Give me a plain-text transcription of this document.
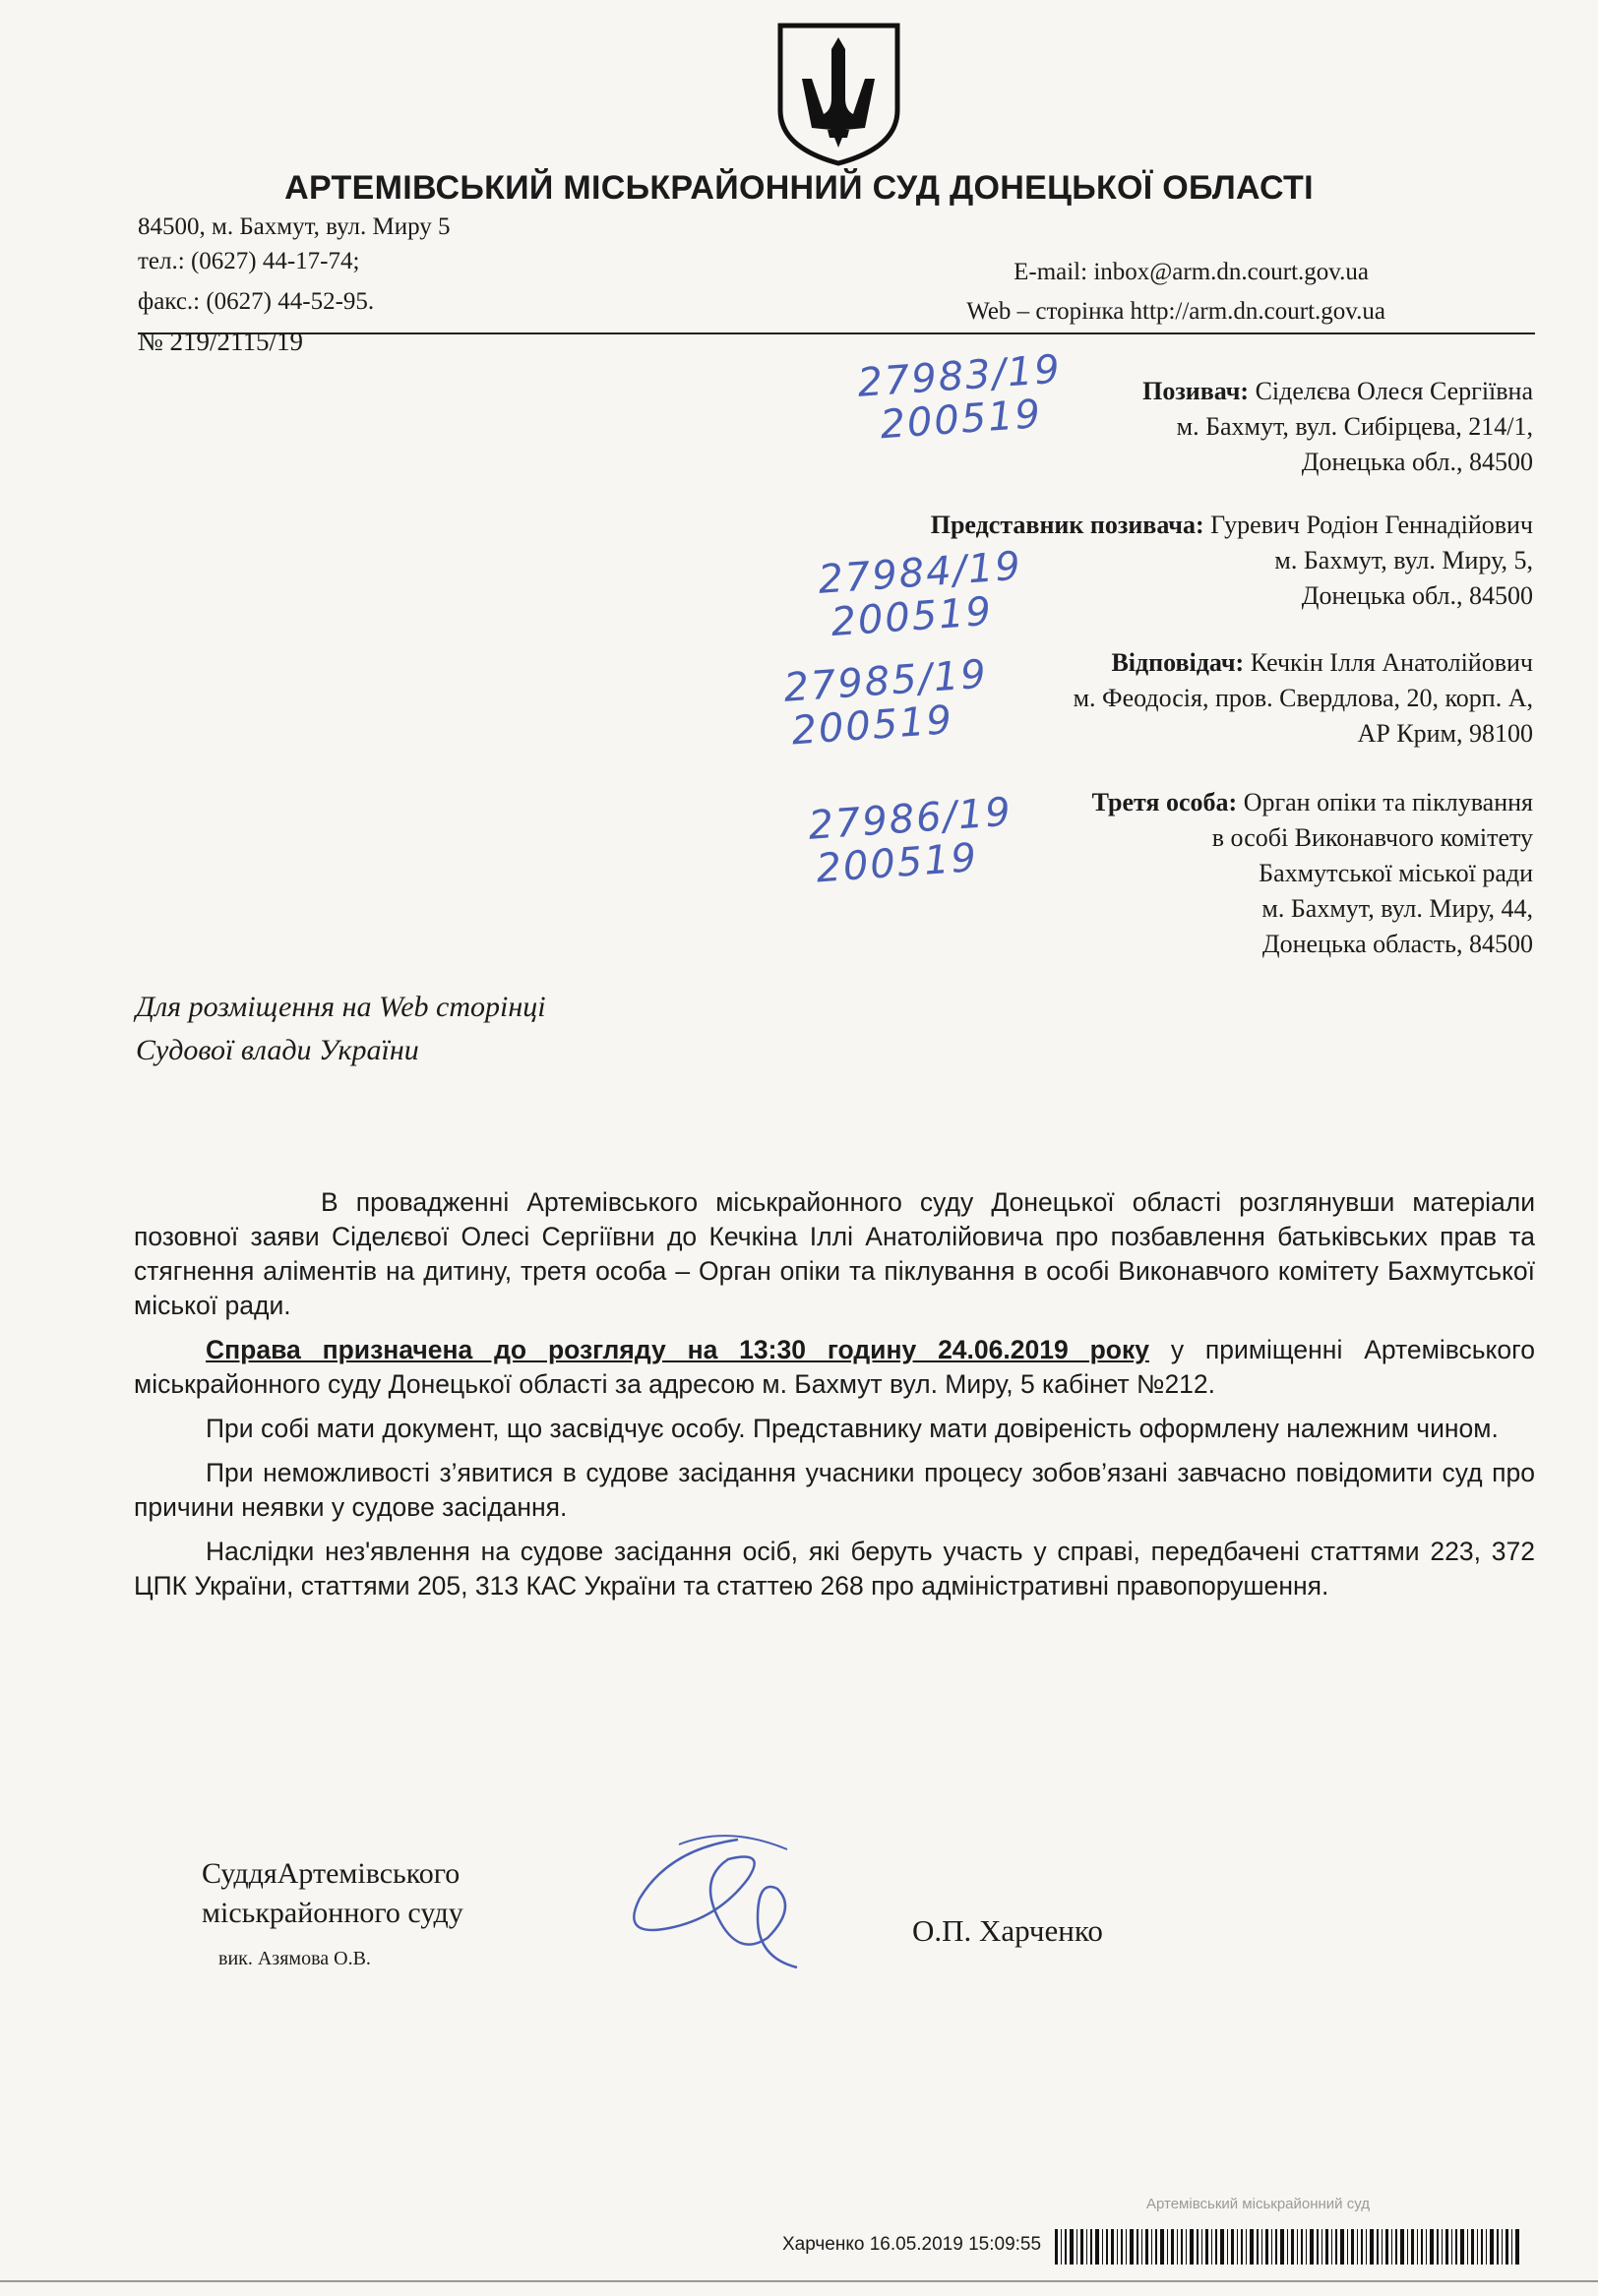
АРТЕМІВСЬКИЙ МІСЬКРАЙОННИЙ СУД ДОНЕЦЬКОЇ ОБЛАСТІ
84500, м. Бахмут, вул. Миру 5
тел.: (0627) 44-17-74;
факс.: (0627) 44-52-95.
E-mail: inbox@arm.dn.court.gov.ua
Web – сторінка http://arm.dn.court.gov.ua
№ 219/2115/19
Позивач: Сіделєва Олеся Сергіївна
м. Бахмут, вул. Сибірцева, 214/1,
Донецька обл., 84500
Представник позивача: Гуревич Родіон Геннадійович
м. Бахмут, вул. Миру, 5,
Донецька обл., 84500
Відповідач: Кечкін Ілля Анатолійович
м. Феодосія, пров. Свердлова, 20, корп. А,
АР Крим, 98100
Третя особа: Орган опіки та піклування
в особі Виконавчого комітету
Бахмутської міської ради
м. Бахмут, вул. Миру, 44,
Донецька область, 84500
27983/19
200519
27984/19
200519
27985/19
200519
27986/19
200519
Для розміщення на Web сторінці
Судової влади України

В провадженні Артемівського міськрайонного суду Донецької області розглянувши матеріали позовної заяви Сіделєвої Олесі Сергіївни до Кечкіна Іллі Анатолійовича про позбавлення батьківських прав та стягнення аліментів на дитину, третя особа – Орган опіки та піклування в особі Виконавчого комітету Бахмутської міської ради.

Справа призначена до розгляду на 13:30 годину 24.06.2019 року у приміщенні Артемівського міськрайонного суду Донецької області за адресою м. Бахмут вул. Миру, 5 кабінет №212.

При собі мати документ, що засвідчує особу. Представнику мати довіреність оформлену належним чином.

При неможливості з’явитися в судове засідання учасники процесу зобов’язані завчасно повідомити суд про причини неявки у судове засідання.

Наслідки нез'явлення на судове засідання осіб, які беруть участь у справі, передбачені статтями 223, 372 ЦПК України, статтями 205, 313 КАС України та статтею 268 про адміністративні правопорушення.

СуддяАртемівського
міськрайонного суду
вик. Азямова О.В.
О.П. Харченко
Артемівський міськрайонний суд
Харченко 16.05.2019 15:09:55
